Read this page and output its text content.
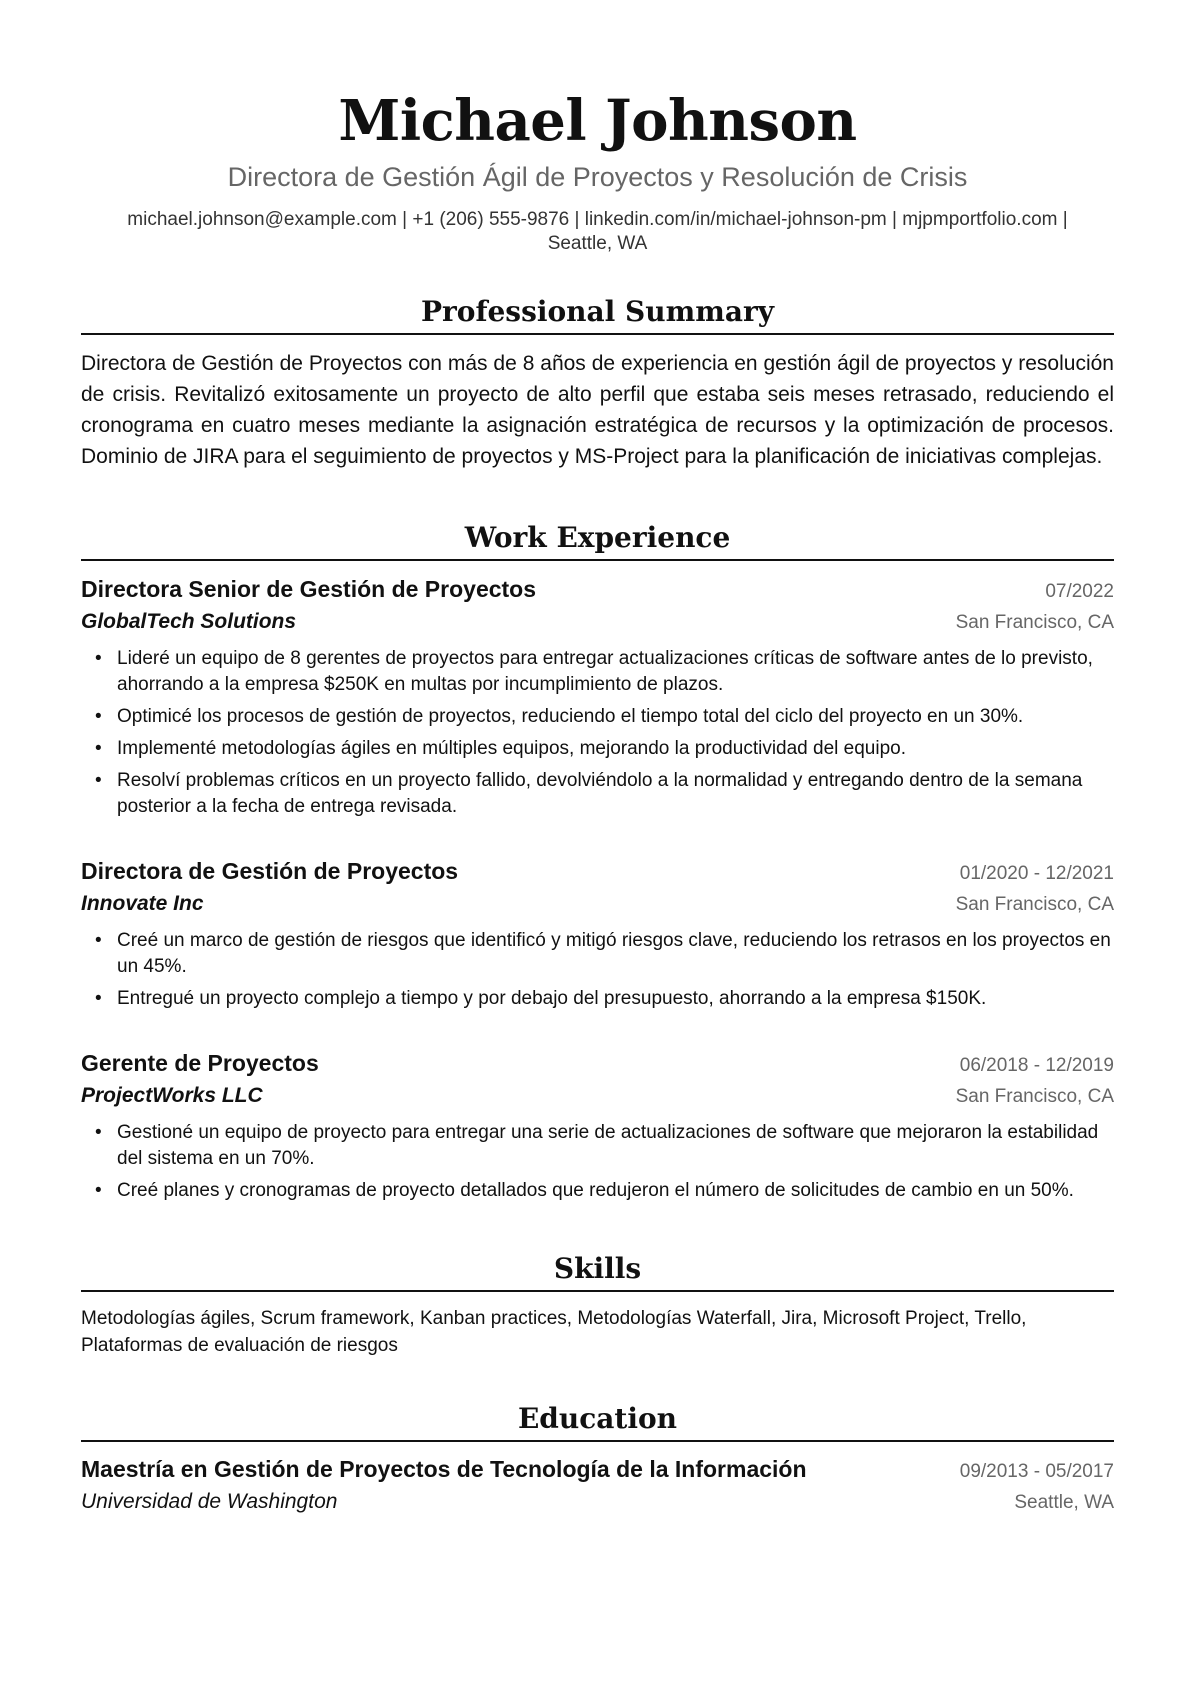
Michael Johnson
Directora de Gestión Ágil de Proyectos y Resolución de Crisis
michael.johnson@example.com | +1 (206) 555-9876 | linkedin.com/in/michael-johnson-pm | mjpmportfolio.com |
Seattle, WA
Professional Summary
Directora de Gestión de Proyectos con más de 8 años de experiencia en gestión ágil de proyectos y resolución de crisis. Revitalizó exitosamente un proyecto de alto perfil que estaba seis meses retrasado, reduciendo el cronograma en cuatro meses mediante la asignación estratégica de recursos y la optimización de procesos. Dominio de JIRA para el seguimiento de proyectos y MS-Project para la planificación de iniciativas complejas.
Work Experience
Directora Senior de Gestión de Proyectos	07/2022
GlobalTech Solutions	San Francisco, CA
• Lideré un equipo de 8 gerentes de proyectos para entregar actualizaciones críticas de software antes de lo previsto, ahorrando a la empresa $250K en multas por incumplimiento de plazos.
• Optimicé los procesos de gestión de proyectos, reduciendo el tiempo total del ciclo del proyecto en un 30%.
• Implementé metodologías ágiles en múltiples equipos, mejorando la productividad del equipo.
• Resolví problemas críticos en un proyecto fallido, devolviéndolo a la normalidad y entregando dentro de la semana posterior a la fecha de entrega revisada.
Directora de Gestión de Proyectos	01/2020 - 12/2021
Innovate Inc	San Francisco, CA
• Creé un marco de gestión de riesgos que identificó y mitigó riesgos clave, reduciendo los retrasos en los proyectos en un 45%.
• Entregué un proyecto complejo a tiempo y por debajo del presupuesto, ahorrando a la empresa $150K.
Gerente de Proyectos	06/2018 - 12/2019
ProjectWorks LLC	San Francisco, CA
• Gestioné un equipo de proyecto para entregar una serie de actualizaciones de software que mejoraron la estabilidad del sistema en un 70%.
• Creé planes y cronogramas de proyecto detallados que redujeron el número de solicitudes de cambio en un 50%.
Skills
Metodologías ágiles, Scrum framework, Kanban practices, Metodologías Waterfall, Jira, Microsoft Project, Trello, Plataformas de evaluación de riesgos
Education
Maestría en Gestión de Proyectos de Tecnología de la Información	09/2013 - 05/2017
Universidad de Washington	Seattle, WA
